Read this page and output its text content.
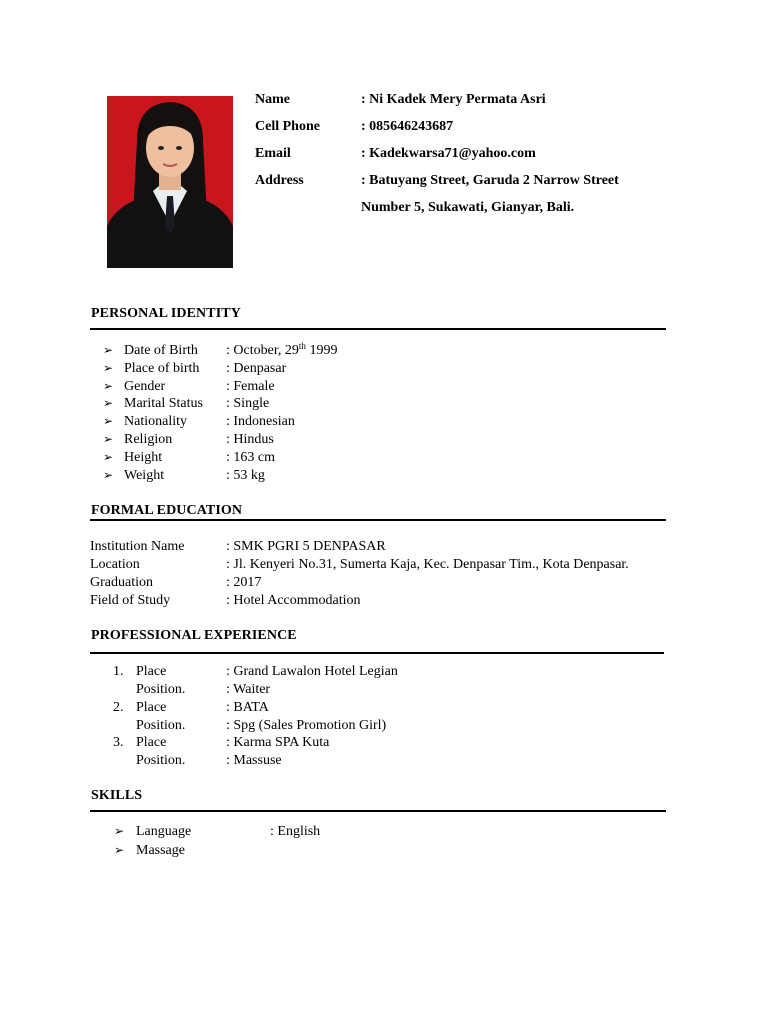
Name	: Ni Kadek Mery Permata Asri
Cell Phone	: 085646243687
Email	: Kadekwarsa71@yahoo.com
Address	: Batuyang Street, Garuda 2 Narrow Street
Number 5, Sukawati, Gianyar, Bali.
PERSONAL IDENTITY
➢ Date of Birth : October, 29th 1999
➢ Place of birth : Denpasar
➢ Gender	: Female
➢ Marital Status : Single
➢ Nationality	: Indonesian
➢ Religion	: Hindus
➢ Height	: 163 cm
➢ Weight	: 53 kg
FORMAL EDUCATION
Institution Name	: SMK PGRI 5 DENPASAR
Location	: Jl. Kenyeri No.31, Sumerta Kaja, Kec. Denpasar Tim., Kota Denpasar.
Graduation	: 2017
Field of Study	: Hotel Accommodation
PROFESSIONAL EXPERIENCE
1. Place	: Grand Lawalon Hotel Legian
Position.	: Waiter
2. Place	: BATA
Position.	: Spg (Sales Promotion Girl)
3. Place	: Karma SPA Kuta
Position.	: Massuse
SKILLS
➢ Language	: English
➢ Massage
